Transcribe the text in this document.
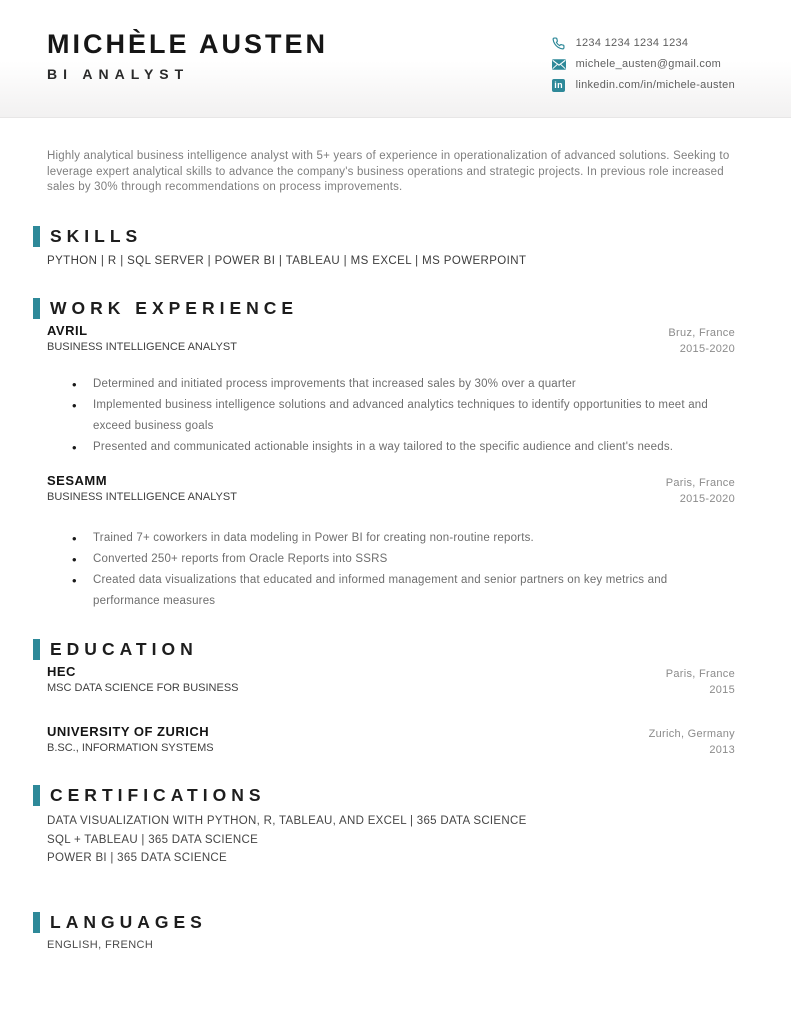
MICHÈLE AUSTEN
BI ANALYST
1234 1234 1234 1234
michele_austen@gmail.com
in linkedin.com/in/michele-austen

Highly analytical business intelligence analyst with 5+ years of experience in operationalization of advanced solutions. Seeking to leverage expert analytical skills to advance the company's business operations and strategic projects. In previous role increased sales by 30% through recommendations on process improvements.

SKILLS
PYTHON | R | SQL SERVER | POWER BI | TABLEAU | MS EXCEL | MS POWERPOINT
WORK EXPERIENCE
AVRIL
BUSINESS INTELLIGENCE ANALYST
Bruz, France
2015-2020
• Determined and initiated process improvements that increased sales by 30% over a quarter
• Implemented business intelligence solutions and advanced analytics techniques to identify opportunities to meet and exceed business goals
• Presented and communicated actionable insights in a way tailored to the specific audience and client's needs.
SESAMM
BUSINESS INTELLIGENCE ANALYST
Paris, France
2015-2020
• Trained 7+ coworkers in data modeling in Power BI for creating non-routine reports.
• Converted 250+ reports from Oracle Reports into SSRS
• Created data visualizations that educated and informed management and senior partners on key metrics and performance measures
EDUCATION
HEC
MSC DATA SCIENCE FOR BUSINESS
Paris, France
2015
UNIVERSITY OF ZURICH
B.SC., INFORMATION SYSTEMS
Zurich, Germany
2013
CERTIFICATIONS
DATA VISUALIZATION WITH PYTHON, R, TABLEAU, AND EXCEL | 365 DATA SCIENCE
SQL + TABLEAU | 365 DATA SCIENCE
POWER BI | 365 DATA SCIENCE
LANGUAGES
ENGLISH, FRENCH
